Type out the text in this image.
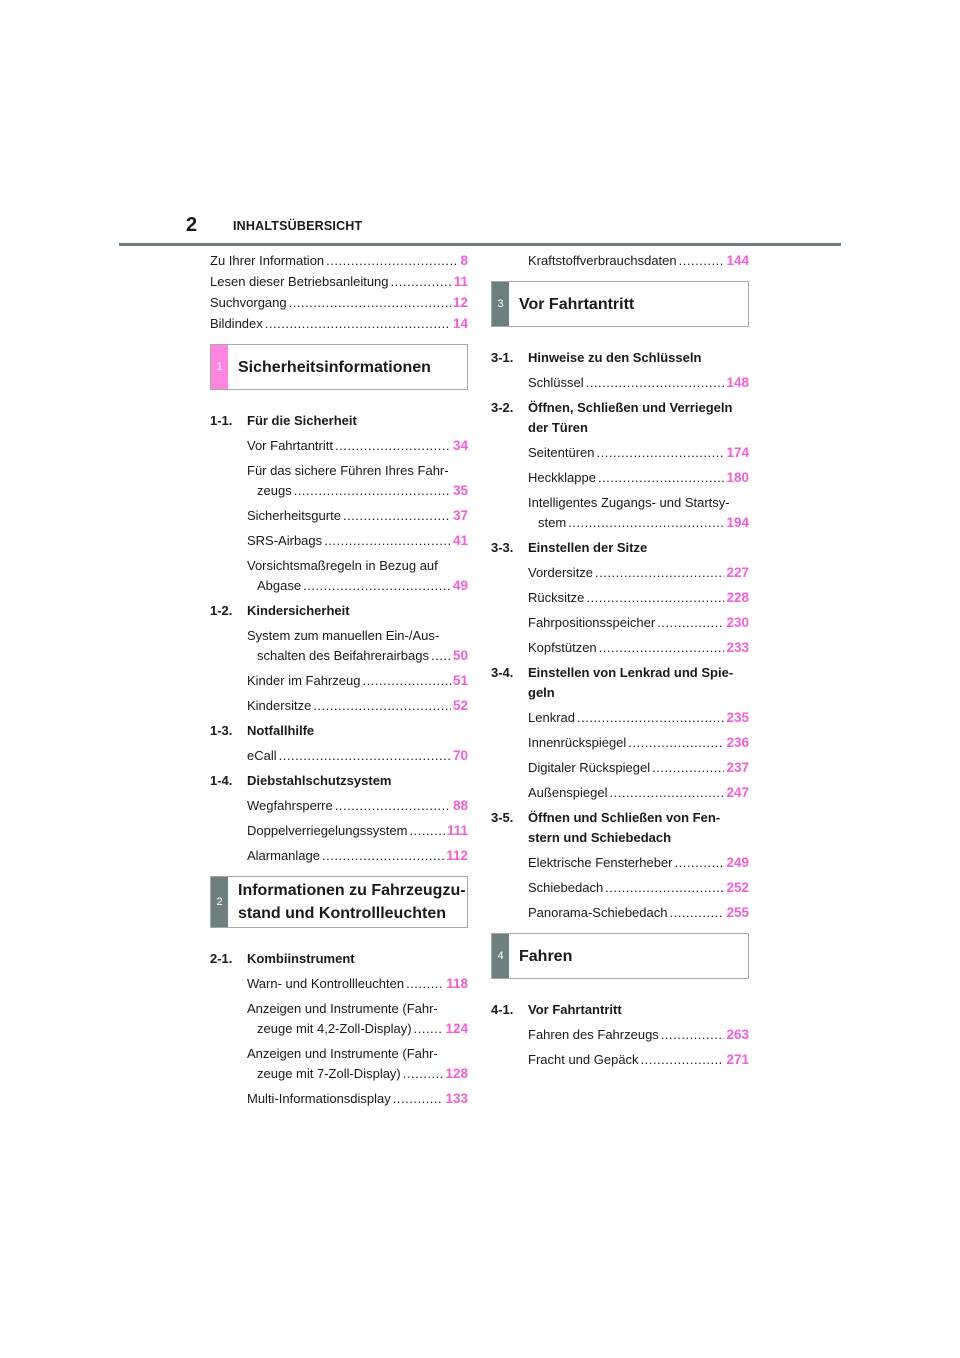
2	INHALTSÜBERSICHT
Zu Ihrer Information .....	8
Lesen dieser Betriebsanleitung .....	11
Suchvorgang .....	12
Bildindex .....	14
1 Sicherheitsinformationen
1-1.	Für die Sicherheit
Vor Fahrtantritt .....	34
Für das sichere Führen Ihres Fahr-
zeugs .....	35
Sicherheitsgurte .....	37
SRS-Airbags .....	41
Vorsichtsmaßregeln in Bezug auf
Abgase .....	49
1-2.	Kindersicherheit
System zum manuellen Ein-/Aus-
schalten des Beifahrerairbags ..... 50
Kinder im Fahrzeug .....	51
Kindersitze .....	52
1-3.	Notfallhilfe
eCall .....	70
1-4.	Diebstahlschutzsystem
Wegfahrsperre .....	88
Doppelverriegelungssystem .....	111
Alarmanlage .....	112
2
Informationen zu Fahrzeugzu-
stand und Kontrollleuchten
2-1.	Kombiinstrument
Warn- und Kontrollleuchten .....	118
Anzeigen und Instrumente (Fahr-
zeuge mit 4,2-Zoll-Display) .....	124
Anzeigen und Instrumente (Fahr-
zeuge mit 7-Zoll-Display) .....	128
Multi-Informationsdisplay .....	133
Kraftstoffverbrauchsdaten .....	144
3 Vor Fahrtantritt
3-1.	Hinweise zu den Schlüsseln
Schlüssel .....	148
3-2.	Öffnen, Schließen und Verriegeln
der Türen
Seitentüren .....	174
Heckklappe .....	180
Intelligentes Zugangs- und Startsy-
stem .....	194
3-3.	Einstellen der Sitze
Vordersitze .....	227
Rücksitze .....	228
Fahrpositionsspeicher .....	230
Kopfstützen .....	233
3-4.	Einstellen von Lenkrad und Spie-
geln
Lenkrad .....	235
Innenrückspiegel .....	236
Digitaler Rückspiegel .....	237
Außenspiegel .....	247
3-5.	Öffnen und Schließen von Fen-
stern und Schiebedach
Elektrische Fensterheber .....	249
Schiebedach .....	252
Panorama-Schiebedach .....	255
4 Fahren
4-1.	Vor Fahrtantritt
Fahren des Fahrzeugs .....	263
Fracht und Gepäck .....	271
